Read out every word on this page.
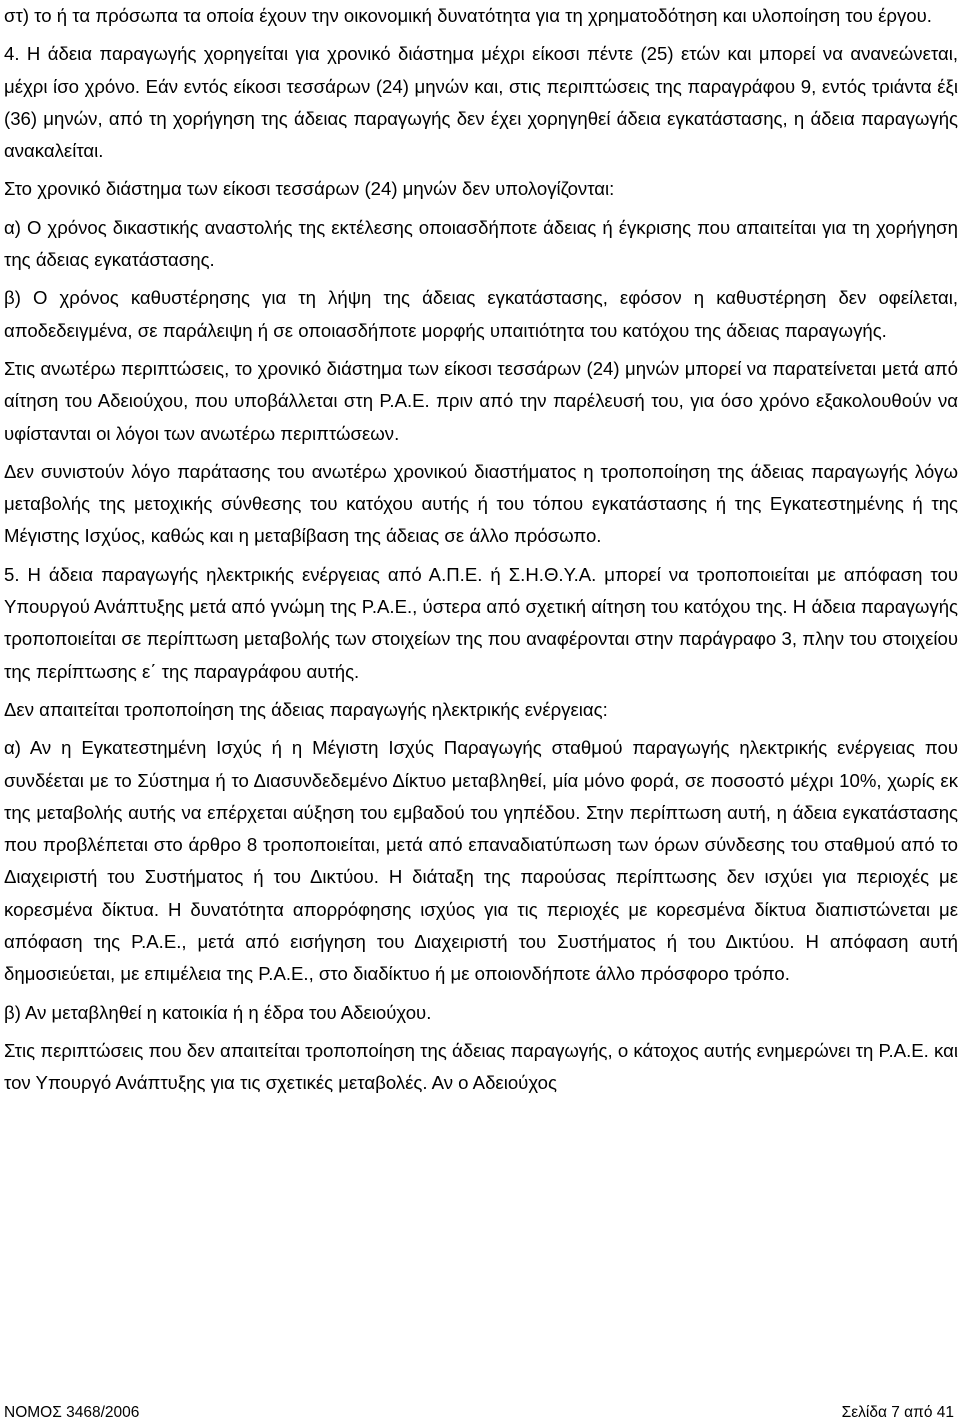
στ) το ή τα πρόσωπα τα οποία έχουν την οικονομική δυνατότητα για τη χρηματοδότηση και υλοποίηση του έργου.

4. Η άδεια παραγωγής χορηγείται για χρονικό διάστημα μέχρι είκοσι πέντε (25) ετών και μπορεί να ανανεώνεται, μέχρι ίσο χρόνο. Εάν εντός είκοσι τεσσάρων (24) μηνών και, στις περιπτώσεις της παραγράφου 9, εντός τριάντα έξι (36) μηνών, από τη χορήγηση της άδειας παραγωγής δεν έχει χορηγηθεί άδεια εγκατάστασης, η άδεια παραγωγής ανακαλείται.

Στο χρονικό διάστημα των είκοσι τεσσάρων (24) μηνών δεν υπολογίζονται:

α) Ο χρόνος δικαστικής αναστολής της εκτέλεσης οποιασδήποτε άδειας ή έγκρισης που απαιτείται για τη χορήγηση της άδειας εγκατάστασης.

β) Ο χρόνος καθυστέρησης για τη λήψη της άδειας εγκατάστασης, εφόσον η καθυστέρηση δεν οφείλεται, αποδεδειγμένα, σε παράλειψη ή σε οποιασδήποτε μορφής υπαιτιότητα του κατόχου της άδειας παραγωγής.

Στις ανωτέρω περιπτώσεις, το χρονικό διάστημα των είκοσι τεσσάρων (24) μηνών μπορεί να παρατείνεται μετά από αίτηση του Αδειούχου, που υποβάλλεται στη Ρ.Α.Ε. πριν από την παρέλευσή του, για όσο χρόνο εξακολουθούν να υφίστανται οι λόγοι των ανωτέρω περιπτώσεων.

Δεν συνιστούν λόγο παράτασης του ανωτέρω χρονικού διαστήματος η τροποποίηση της άδειας παραγωγής λόγω μεταβολής της μετοχικής σύνθεσης του κατόχου αυτής ή του τόπου εγκατάστασης ή της Εγκατεστημένης ή της Μέγιστης Ισχύος, καθώς και η μεταβίβαση της άδειας σε άλλο πρόσωπο.

5. Η άδεια παραγωγής ηλεκτρικής ενέργειας από Α.Π.Ε. ή Σ.Η.Θ.Υ.Α. μπορεί να τροποποιείται με απόφαση του Υπουργού Ανάπτυξης μετά από γνώμη της Ρ.Α.Ε., ύστερα από σχετική αίτηση του κατόχου της. Η άδεια παραγωγής τροποποιείται σε περίπτωση μεταβολής των στοιχείων της που αναφέρονται στην παράγραφο 3, πλην του στοιχείου της περίπτωσης ε΄ της παραγράφου αυτής.

Δεν απαιτείται τροποποίηση της άδειας παραγωγής ηλεκτρικής ενέργειας:

α) Αν η Εγκατεστημένη Ισχύς ή η Μέγιστη Ισχύς Παραγωγής σταθμού παραγωγής ηλεκτρικής ενέργειας που συνδέεται με το Σύστημα ή το Διασυνδεδεμένο Δίκτυο μεταβληθεί, μία μόνο φορά, σε ποσοστό μέχρι 10%, χωρίς εκ της μεταβολής αυτής να επέρχεται αύξηση του εμβαδού του γηπέδου. Στην περίπτωση αυτή, η άδεια εγκατάστασης που προβλέπεται στο άρθρο 8 τροποποιείται, μετά από επαναδιατύπωση των όρων σύνδεσης του σταθμού από το Διαχειριστή του Συστήματος ή του Δικτύου. Η διάταξη της παρούσας περίπτωσης δεν ισχύει για περιοχές με κορεσμένα δίκτυα. Η δυνατότητα απορρόφησης ισχύος για τις περιοχές με κορεσμένα δίκτυα διαπιστώνεται με απόφαση της Ρ.Α.Ε., μετά από εισήγηση του Διαχειριστή του Συστήματος ή του Δικτύου. Η απόφαση αυτή δημοσιεύεται, με επιμέλεια της Ρ.Α.Ε., στο διαδίκτυο ή με οποιονδήποτε άλλο πρόσφορο τρόπο.

β) Αν μεταβληθεί η κατοικία ή η έδρα του Αδειούχου.

Στις περιπτώσεις που δεν απαιτείται τροποποίηση της άδειας παραγωγής, ο κάτοχος αυτής ενημερώνει τη Ρ.Α.Ε. και τον Υπουργό Ανάπτυξης για τις σχετικές μεταβολές. Αν ο Αδειούχος

ΝΟΜΟΣ 3468/2006	Σελίδα 7 από 41
